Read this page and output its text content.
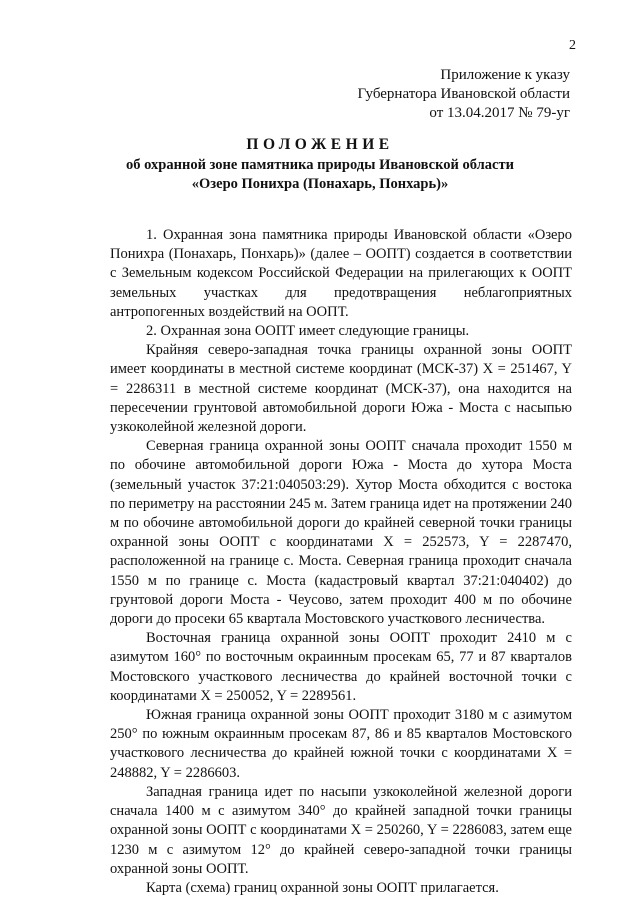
2
Приложение к указу
Губернатора Ивановской области
от 13.04.2017 № 79-уг
ПОЛОЖЕНИЕ
об охранной зоне памятника природы Ивановской области
«Озеро Понихра (Понахарь, Понхарь)»

1. Охранная зона памятника природы Ивановской области «Озеро Понихра (Понахарь, Понхарь)» (далее – ООПТ) создается в соответствии с Земельным кодексом Российской Федерации на прилегающих к ООПТ земельных участках для предотвращения неблагоприятных антропогенных воздействий на ООПТ.

2. Охранная зона ООПТ имеет следующие границы.

Крайняя северо-западная точка границы охранной зоны ООПТ имеет координаты в местной системе координат (МСК-37) X = 251467, Y = 2286311 в местной системе координат (МСК-37), она находится на пересечении грунтовой автомобильной дороги Южа - Моста с насыпью узкоколейной железной дороги.

Северная граница охранной зоны ООПТ сначала проходит 1550 м по обочине автомобильной дороги Южа - Моста до хутора Моста (земельный участок 37:21:040503:29). Хутор Моста обходится с востока по периметру на расстоянии 245 м. Затем граница идет на протяжении 240 м по обочине автомобильной дороги до крайней северной точки границы охранной зоны ООПТ с координатами X = 252573, Y = 2287470, расположенной на границе с. Моста. Северная граница проходит сначала 1550 м по границе с. Моста (кадастровый квартал 37:21:040402) до грунтовой дороги Моста - Чеусово, затем проходит 400 м по обочине дороги до просеки 65 квартала Мостовского участкового лесничества.

Восточная граница охранной зоны ООПТ проходит 2410 м с азимутом 160° по восточным окраинным просекам 65, 77 и 87 кварталов Мостовского участкового лесничества до крайней восточной точки с координатами X = 250052, Y = 2289561.

Южная граница охранной зоны ООПТ проходит 3180 м с азимутом 250° по южным окраинным просекам 87, 86 и 85 кварталов Мостовского участкового лесничества до крайней южной точки с координатами X = 248882, Y = 2286603.

Западная граница идет по насыпи узкоколейной железной дороги сначала 1400 м с азимутом 340° до крайней западной точки границы охранной зоны ООПТ с координатами X = 250260, Y = 2286083, затем еще 1230 м с азимутом 12° до крайней северо-западной точки границы охранной зоны ООПТ.

Карта (схема) границ охранной зоны ООПТ прилагается.
